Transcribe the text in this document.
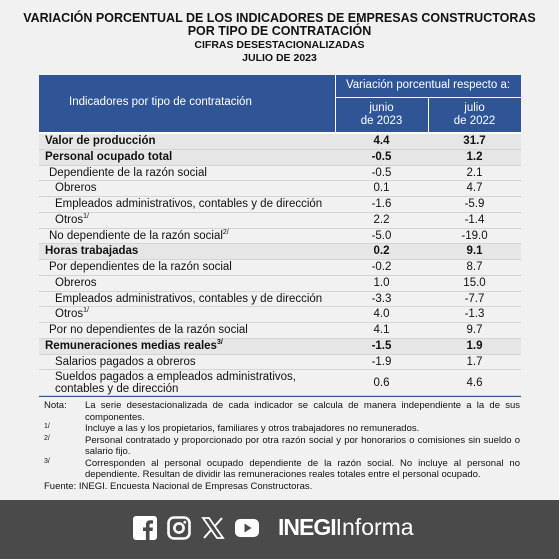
VARIACIÓN PORCENTUAL DE LOS INDICADORES DE EMPRESAS CONSTRUCTORAS
POR TIPO DE CONTRATACIÓN
CIFRAS DESESTACIONALIZADAS
JULIO DE 2023
Indicadores por tipo de contratación
Variación porcentual respecto a:
junio
de 2023
julio
de 2022
Valor de producción	4.4	31.7
Personal ocupado total	-0.5	1.2
Dependiente de la razón social	-0.5	2.1
Obreros	0.1	4.7
Empleados administrativos, contables y de dirección	-1.6	-5.9
Otros$^{1/}$	2.2	-1.4
No dependiente de la razón social$^{2/}$	-5.0	-19.0
Horas trabajadas	0.2	9.1
Por dependientes de la razón social	-0.2	8.7
Obreros	1.0	15.0
Empleados administrativos, contables y de dirección	-3.3	-7.7
Otros$^{1/}$	4.0	-1.3
Por no dependientes de la razón social	4.1	9.7
Remuneraciones medias reales$^{3/}$	-1.5	1.9
Salarios pagados a obreros	-1.9	1.7
Sueldos pagados a empleados administrativos,
contables y de dirección	0.6	4.6
Nota: La serie desestacionalizada de cada indicador se calcula de manera independiente a la de sus componentes.
1/	Incluye a las y los propietarios, familiares y otros trabajadores no remunerados.
2/	Personal contratado y proporcionado por otra razón social y por honorarios o comisiones sin sueldo o salario fijo.
3/	Corresponden al personal ocupado dependiente de la razón social. No incluye al personal no dependiente. Resultan de dividir las remuneraciones reales totales entre el personal ocupado.
Fuente: INEGI. Encuesta Nacional de Empresas Constructoras.
INEGIInforma
